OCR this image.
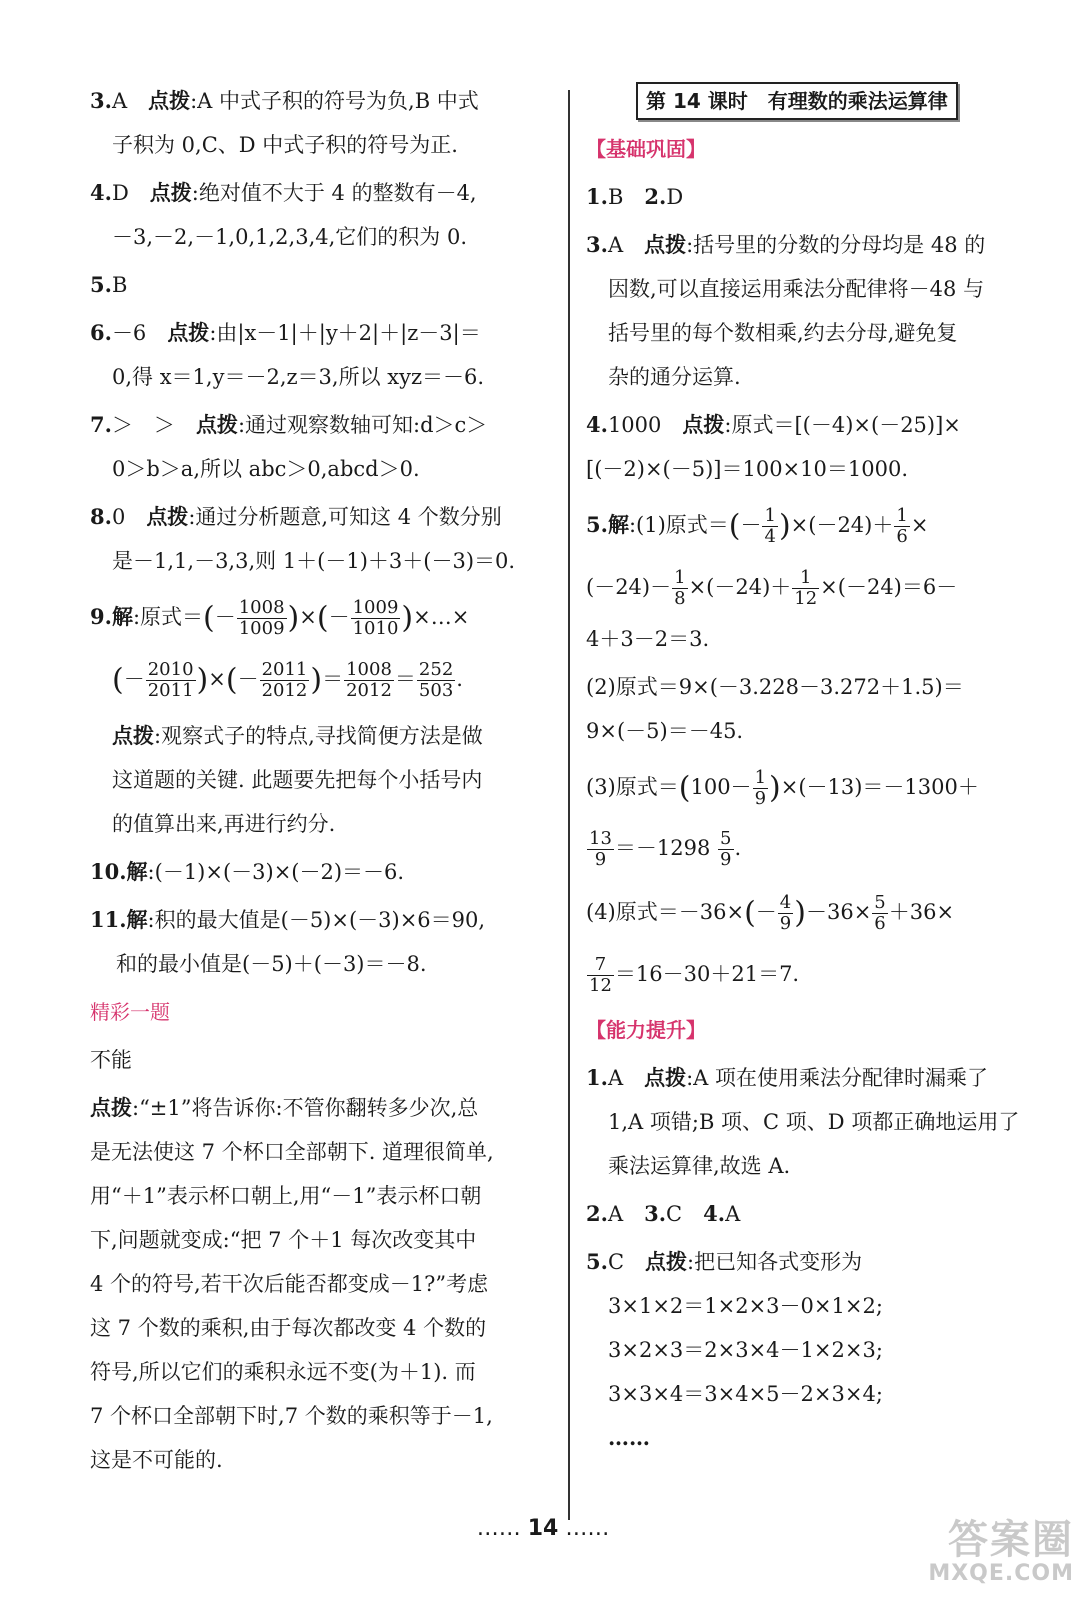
3.A　 点拨:A 中式子积的符号为负,B 中式
子积为 0,C、D 中式子积的符号为正.
4.D　 点拨:绝对值不大于 4 的整数有－4,
－3,－2,－1,0,1,2,3,4,它们的积为 0.
5.B
6.－6　 点拨:由|x－1|＋|y＋2|＋|z－3|＝
0,得 x＝1,y＝－2,z＝3,所以 xyz＝－6.
7.＞　＞　 点拨:通过观察数轴可知:d＞c＞
0＞b＞a,所以 abc＞0,abcd＞0.
8.0　 点拨:通过分析题意,可知这 4 个数分别
是－1,1,－3,3,则 1＋(－1)＋3＋(－3)＝0.
9.解:原式＝(－ $\frac{1008}{1009}$ )×(－ $\frac{1009}{1010}$ )×…×
(－ $\frac{2010}{2011}$ )×(－ $\frac{2011}{2012}$ )＝ $\frac{1008}{2012} = \frac{252}{503}$ .
点拨:观察式子的特点,寻找简便方法是做
这道题的关键. 此题要先把每个小括号内
的值算出来,再进行约分.
10.解:(－1)×(－3)×(－2)＝－6.
11.解:积的最大值是(－5)×(－3)×6＝90,
和的最小值是(－5)＋(－3)＝－8.
精彩一题
不能
点拨:“±1”将告诉你:不管你翻转多少次,总
是无法使这 7 个杯口全部朝下. 道理很简单,
用“＋1”表示杯口朝上,用“－1”表示杯口朝
下,问题就变成:“把 7 个＋1 每次改变其中
4 个的符号,若干次后能否都变成－1?”考虑
这 7 个数的乘积,由于每次都改变 4 个数的
符号,所以它们的乘积永远不变(为＋1). 而
7 个杯口全部朝下时,7 个数的乘积等于－1,
这是不可能的.
第 14 课时　有理数的乘法运算律
【基础巩固】
1.B　 2.D
3.A　 点拨:括号里的分数的分母均是 48 的
因数,可以直接运用乘法分配律将－48 与
括号里的每个数相乘,约去分母,避免复
杂的通分运算.
4.1000　 点拨:原式＝[(－4)×(－25)]×
[(－2)×(－5)]＝100×10＝1000.
5.解:(1)原式＝(－ $\frac{1}{4} )\times(-24)+ \frac{1}{6}$ ×
$(-24)- \frac{1}{8} \times(-24)+ \frac{1}{12} \times(-24)=6-$
4＋3－2＝3.
(2)原式＝9×(－3.228－3.272＋1.5)＝
9×(－5)＝－45.
(3)原式$=(100- \frac{1}{9} )\times(-13)=-1300+$
$\frac{13}{9} =-1298 \frac{5}{9}$ .
(4)原式$=-36\times(- \frac{4}{9} )-36\times \frac{5}{6} +36\times$
$\frac{7}{12} =16-30+21=7$.
【能力提升】
1.A　 点拨:A 项在使用乘法分配律时漏乘了
1,A 项错;B 项、C 项、D 项都正确地运用了
乘法运算律,故选 A.
2.A　 3.C　 4.A
5.C　 点拨:把已知各式变形为
3×1×2＝1×2×3－0×1×2;
3×2×3＝2×3×4－1×2×3;
3×3×4＝3×4×5－2×3×4;
……
…… 14 ……	答案圈
MXQE.COM
